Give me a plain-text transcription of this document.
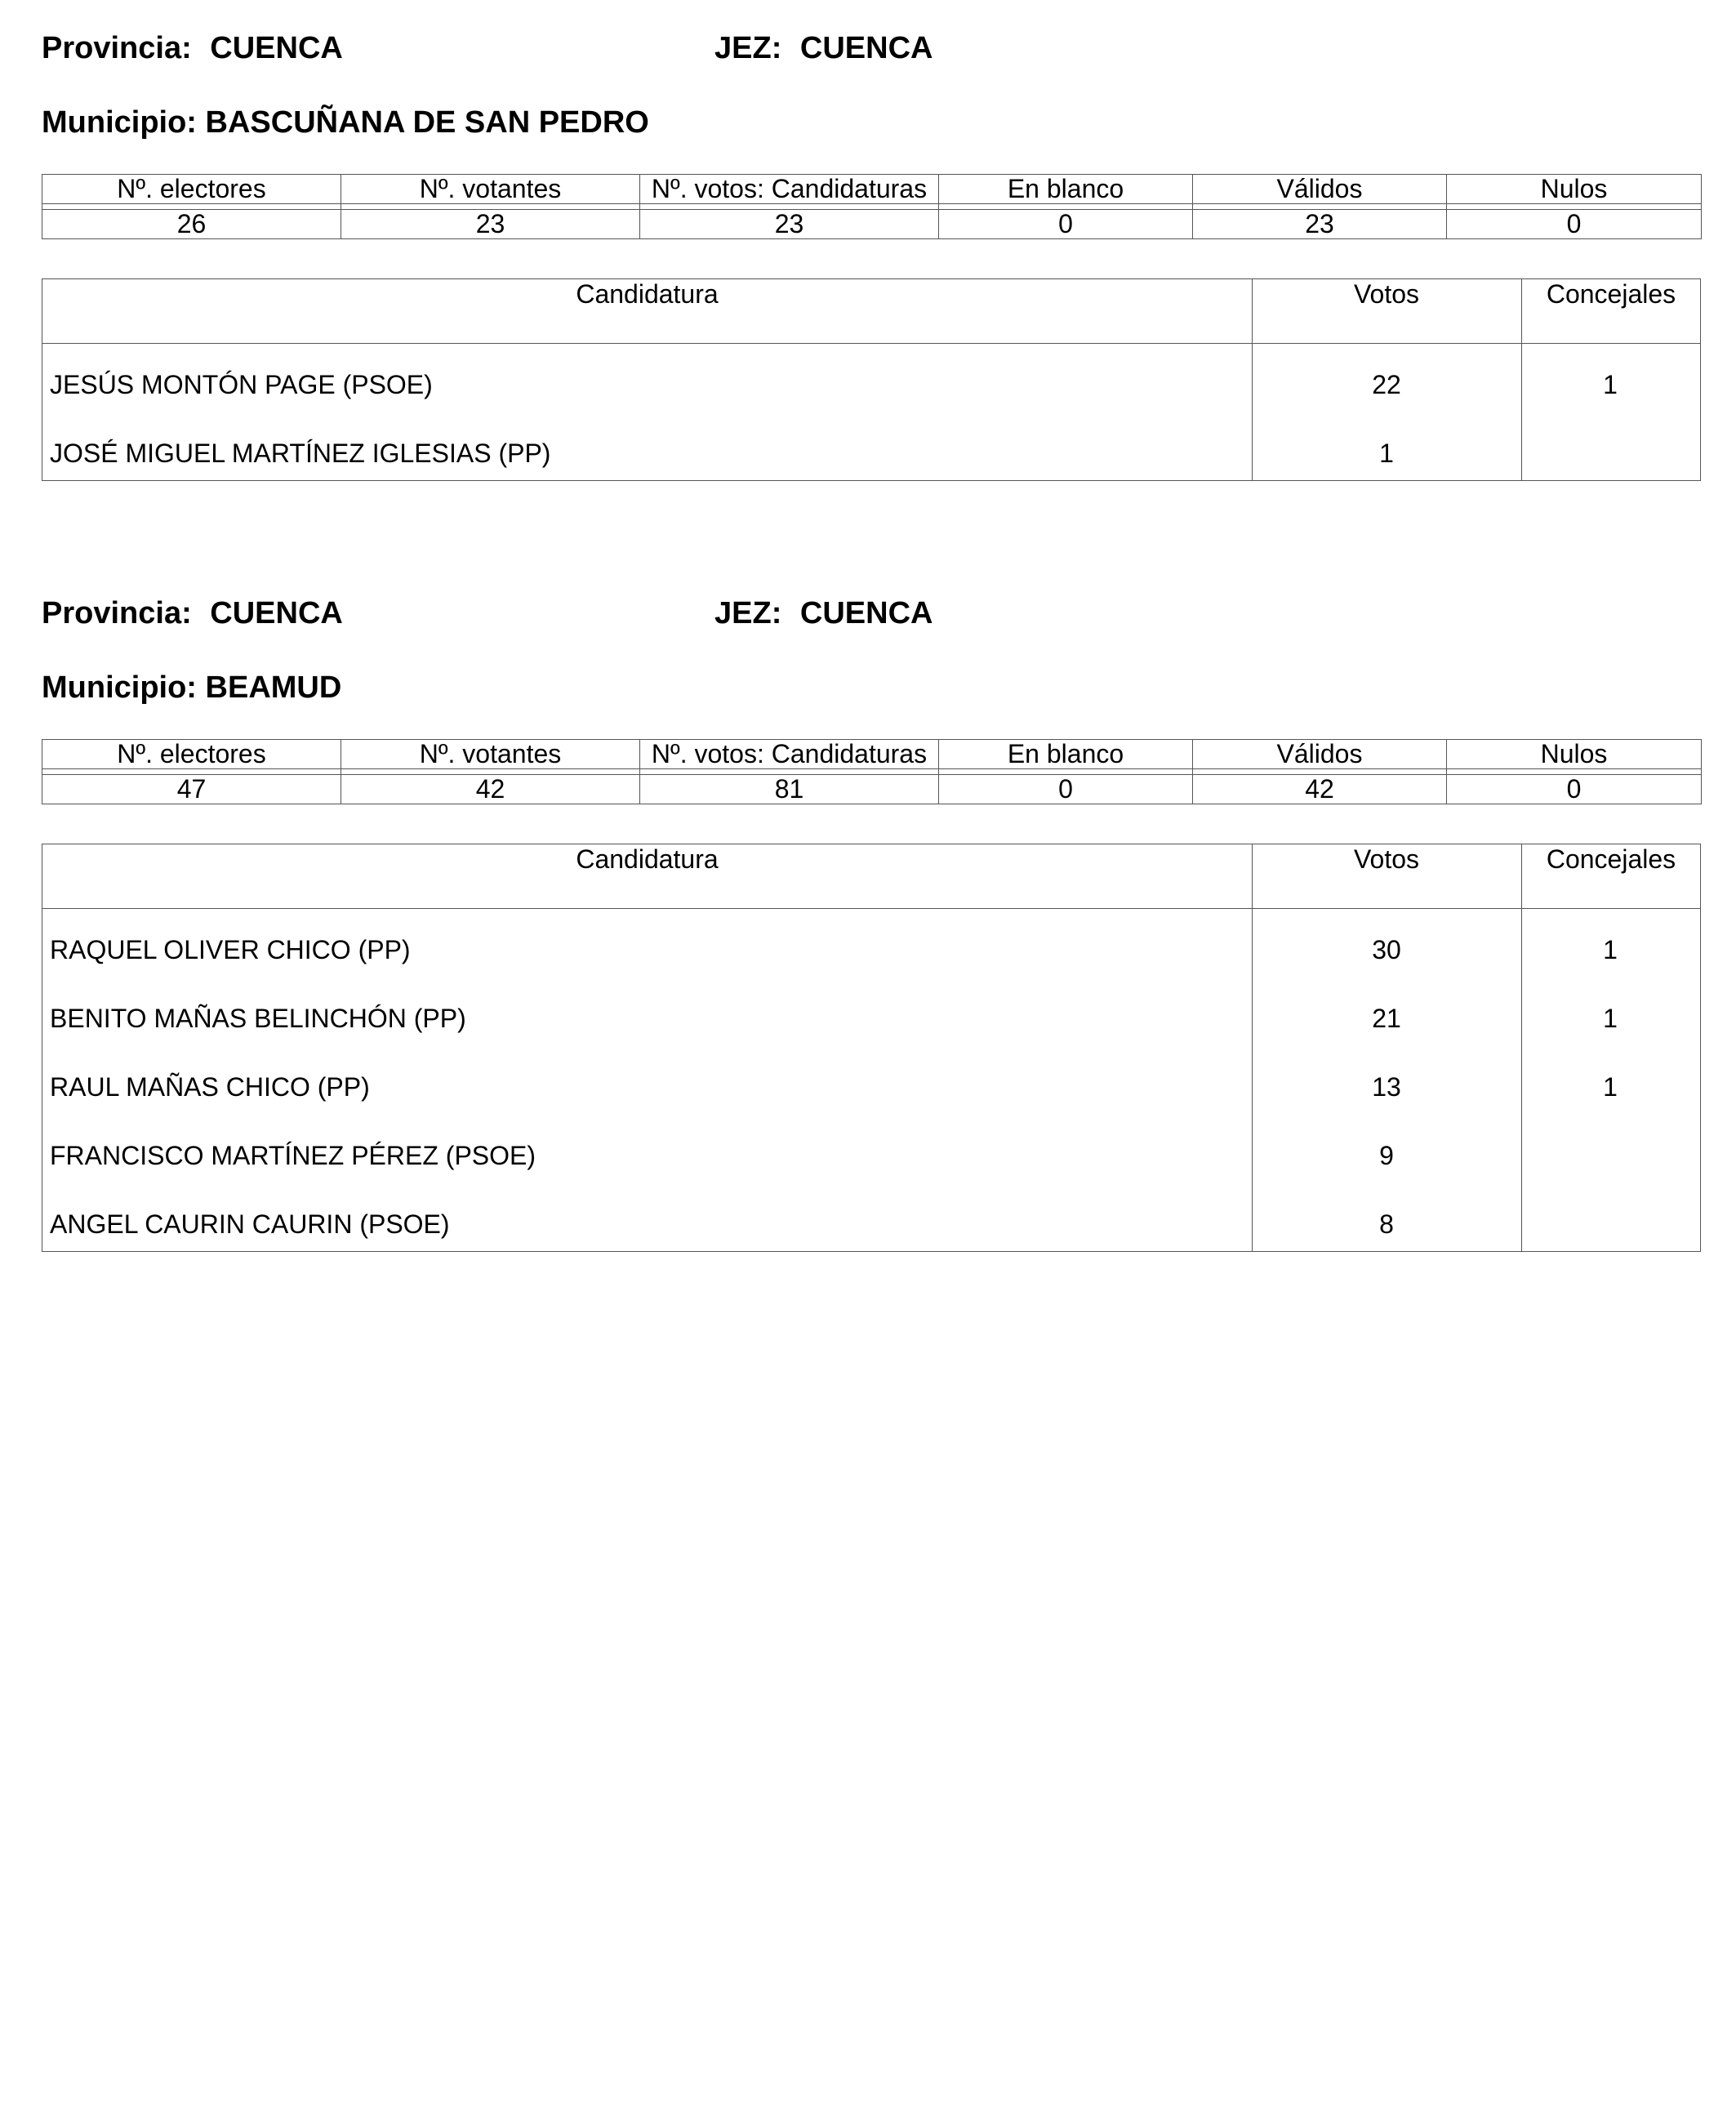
Provincia: CUENCA	JEZ: CUENCA
Municipio: BASCUÑANA DE SAN PEDRO
Nº. electores	Nº. votantes	Nº. votos: Candidaturas	En blanco	Válidos	Nulos

26	23	23	0	23	0
Candidatura	Votos	Concejales
JESÚS MONTÓN PAGE (PSOE)	22	1
JOSÉ MIGUEL MARTÍNEZ IGLESIAS (PP)	1
Provincia: CUENCA	JEZ: CUENCA
Municipio: BEAMUD
Nº. electores	Nº. votantes	Nº. votos: Candidaturas	En blanco	Válidos	Nulos

47	42	81	0	42	0
Candidatura	Votos	Concejales
RAQUEL OLIVER CHICO (PP)	30	1
BENITO MAÑAS BELINCHÓN (PP)	21	1
RAUL MAÑAS CHICO (PP)	13	1
FRANCISCO MARTÍNEZ PÉREZ (PSOE)	9
ANGEL CAURIN CAURIN (PSOE)	8
